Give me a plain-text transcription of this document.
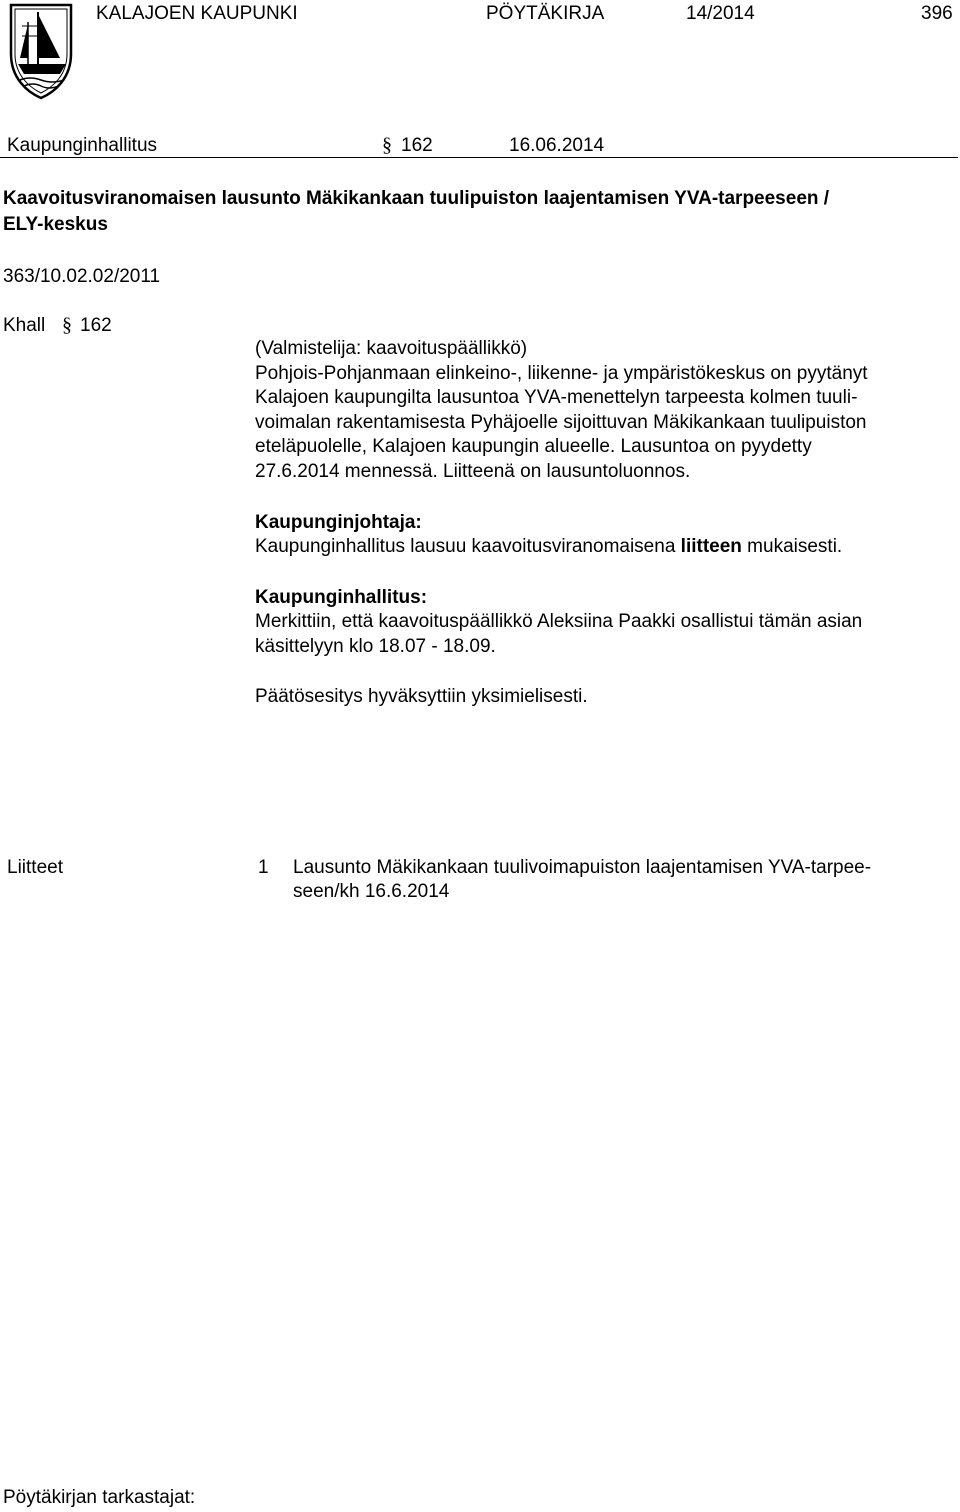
KALAJOEN KAUPUNKI	PÖYTÄKIRJA	14/2014	396
Kaupunginhallitus	§ 162	16.06.2014
Kaavoitusviranomaisen lausunto Mäkikankaan tuulipuiston laajentamisen YVA-tarpeeseen /
ELY-keskus
363/10.02.02/2011
Khall § 162
(Valmistelija: kaavoituspäällikkö)
Pohjois-Pohjanmaan elinkeino-, liikenne- ja ympäristökeskus on pyytänyt
Kalajoen kaupungilta lausuntoa YVA-menettelyn tarpeesta kolmen tuuli-
voimalan rakentamisesta Pyhäjoelle sijoittuvan Mäkikankaan tuulipuiston
eteläpuolelle, Kalajoen kaupungin alueelle. Lausuntoa on pyydetty
27.6.2014 mennessä. Liitteenä on lausuntoluonnos.
Kaupunginjohtaja:
Kaupunginhallitus lausuu kaavoitusviranomaisena liitteen mukaisesti.
Kaupunginhallitus:
Merkittiin, että kaavoituspäällikkö Aleksiina Paakki osallistui tämän asian
käsittelyyn klo 18.07 - 18.09.
Päätösesitys hyväksyttiin yksimielisesti.
Liitteet	1 Lausunto Mäkikankaan tuulivoimapuiston laajentamisen YVA-tarpee-
seen/kh 16.6.2014
Pöytäkirjan tarkastajat:
